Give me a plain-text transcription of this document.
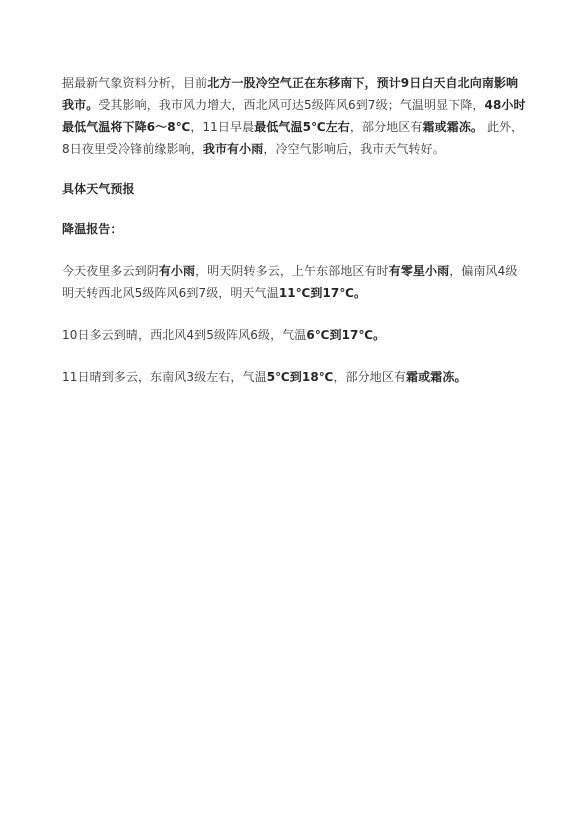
据最新气象资料分析，目前北方一股冷空气正在东移南下，预计9日白天自北向南影响我市。受其影响，我市风力增大，西北风可达5级阵风6到7级；气温明显下降，48小时最低气温将下降6～8℃，11日早晨最低气温5℃左右，部分地区有霜或霜冻。 此外，8日夜里受冷锋前缘影响，我市有小雨，冷空气影响后，我市天气转好。

具体天气预报

降温报告：

今天夜里多云到阴有小雨，明天阴转多云，上午东部地区有时有零星小雨，偏南风4级明天转西北风5级阵风6到7级，明天气温11℃到17℃。

10日多云到晴，西北风4到5级阵风6级，气温6℃到17℃。

11日晴到多云，东南风3级左右，气温5℃到18℃，部分地区有霜或霜冻。
